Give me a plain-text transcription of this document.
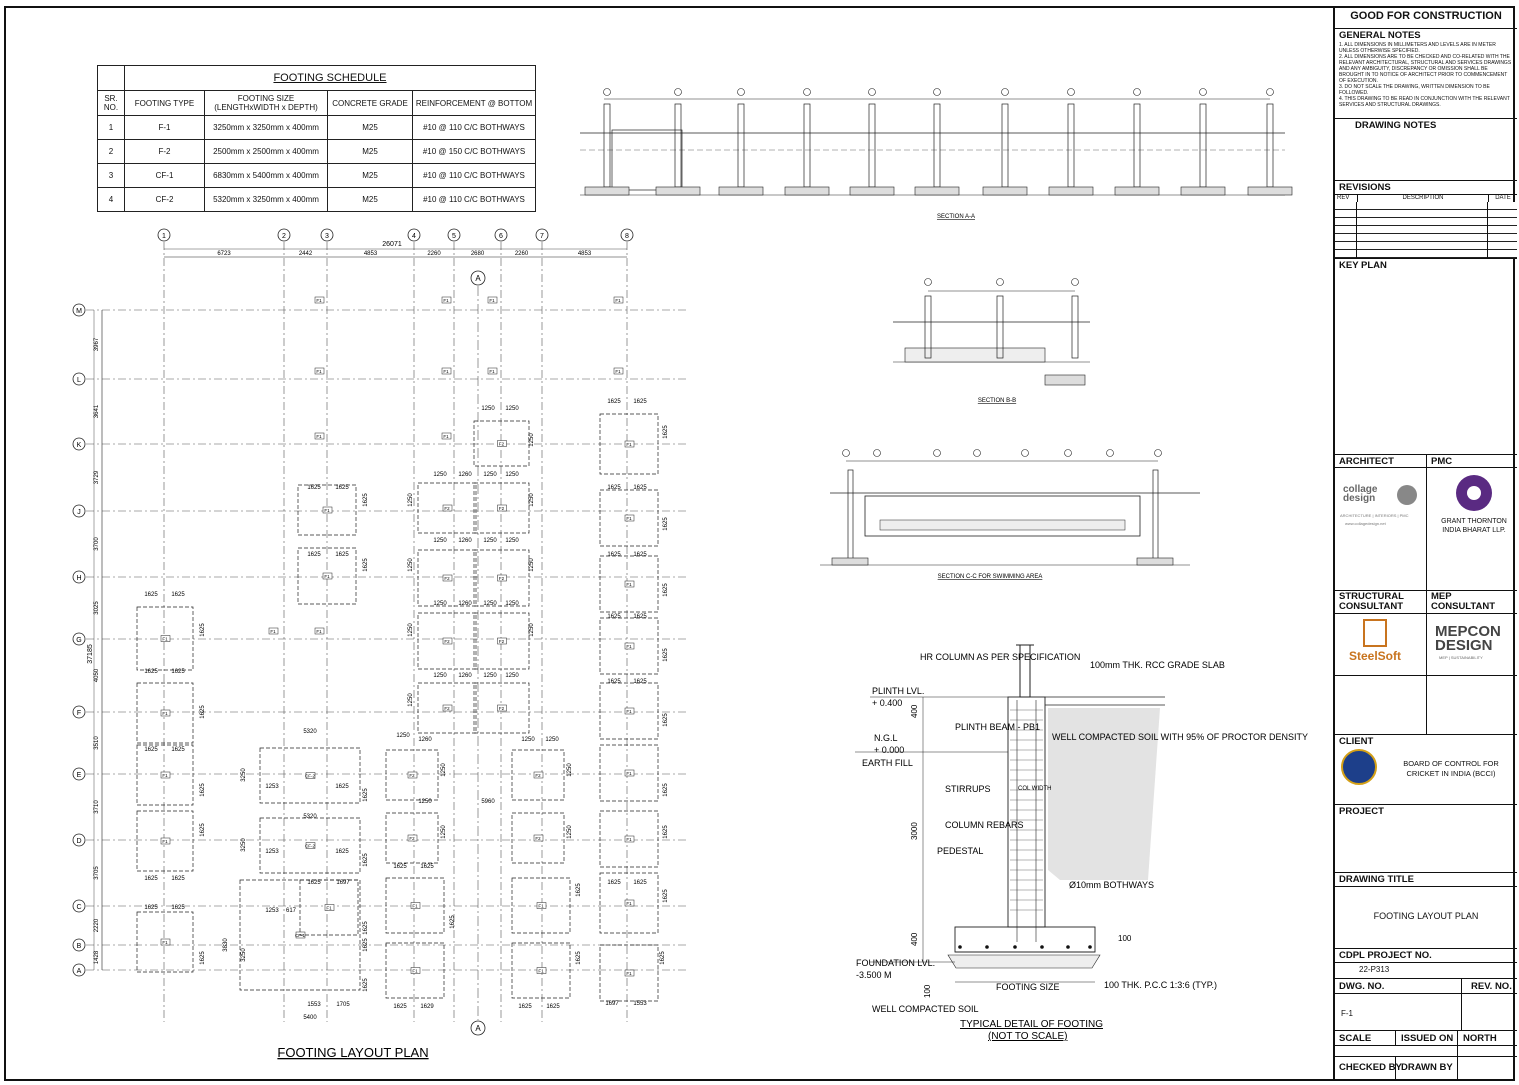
	FOOTING SCHEDULE			
SR. NO.	FOOTING TYPE	FOOTING SIZE (LENGTHxWIDTH x DEPTH)	CONCRETE GRADE	REINFORCEMENT @ BOTTOM
1	F-1	3250mm x 3250mm x 400mm	M25	#10 @ 110 C/C BOTHWAYS
2	F-2	2500mm x 2500mm x 400mm	M25	#10 @ 150 C/C BOTHWAYS
3	CF-1	6830mm x 5400mm x 400mm	M25	#10 @ 110 C/C BOTHWAYS
4	CF-2	5320mm x 3250mm x 400mm	M25	#10 @ 110 C/C BOTHWAYS
1	2	3	4	5	6	7	8
M
L
K
J
H
G
F
E
D
C
B
A
6723	2442	4853	2260	2680	2260	4853
3967
3641
3729
3700
3025
4050
3510
3710
3705
2220
1428
A
A
F1
F1
F1
F1
F1
F1
F1
F1
F1
F1
F1
F1
F1
F1
F1
F1
F2
F2
F2
F2
F2
F2
F2
F2
F2
F2
F2
F2
F2
CF-2
CF-2
F1
F1
F1
F1
CF-1
F1
F1
F1
F1
F1
F1
F1
F1
F1
F1
F1
F1
F1
1625 1625
1625 1625
1625 1625
1625 1625
1625 1625
1625 1625
1625 1625
1625 1625
1625 1625
1625 1625
1625 1625
1625 1625
1625 1625
1250 1250
1250 1260 1250 1250
1250 1260 1250 1250
1250 1260 1250 1250
1250 1260 1250 1250
1250
1260	1250 1250
5320
1253	1625
5320
1253	1625
1625	1697
1253 617
1553	1705
5400
1625 1625
1625 1629	1625 1625	1697 1553
1250	5960
1625
1625
1625
1625
1625
1625
1625
1625
1625
1625
1625
1625
1625
1625
1625
1250
1250
1250
1250
1250
1250
1250
1250
1250
1250
1250
1250
3250
3250
3830
3250
1625
1625
1625
1625
1625
1625
1625	1625
1625
FOOTING LAYOUT PLAN
26071
37185
SECTION A-A
SECTION B-B
SECTION C-C FOR SWIMMING AREA
HR COLUMN AS PER SPECIFICATION
PLINTH LVL.
+ 0.400
N.G.L
+ 0.000
EARTH FILL
PLINTH BEAM - PB1
100mm THK. RCC GRADE SLAB
WELL COMPACTED SOIL WITH 95% OF PROCTOR DENSITY
STIRRUPS	COL WIDTH
COLUMN REBARS
PEDESTAL
Ø10mm BOTHWAYS
FOUNDATION LVL.
-3.500 M
FOOTING SIZE	100 THK. P.C.C 1:3:6 (TYP.)
WELL COMPACTED SOIL
TYPICAL DETAIL OF FOOTING
(NOT TO SCALE)
400
3000
400	100
100
GOOD FOR CONSTRUCTION
GENERAL NOTES
1. ALL DIMENSIONS IN MILLIMETERS AND LEVELS ARE IN METER UNLESS OTHERWISE SPECIFIED.
2. ALL DIMENSIONS ARE TO BE CHECKED AND CO-RELATED WITH THE RELEVANT ARCHITECTURAL, STRUCTURAL AND SERVICES DRAWINGS AND ANY AMBIGUITY, DISCREPANCY OR OMISSION SHALL BE BROUGHT IN TO NOTICE OF ARCHITECT PRIOR TO COMMENCEMENT OF EXECUTION.
3. DO NOT SCALE THE DRAWING, WRITTEN DIMENSION TO BE FOLLOWED.
4. THIS DRAWING TO BE READ IN CONJUNCTION WITH THE RELEVANT SERVICES AND STRUCTURAL DRAWINGS.
DRAWING NOTES
REVISIONS
REV	DESCRIPTION	DATE
KEY PLAN
ARCHITECT	PMC
collage design
ARCHITECTURE | INTERIORS | PMC
www.collagedesign.net	GRANT THORNTON INDIA BHARAT LLP.
STRUCTURAL CONSULTANT
MEP CONSULTANT
SteelSoft
MEPCON DESIGN
MEP | SUSTAINABILITY
CLIENT
BOARD OF CONTROL FOR CRICKET IN INDIA (BCCI)
PROJECT
DRAWING TITLE
FOOTING LAYOUT PLAN
CDPL PROJECT NO.
22-P313
DWG. NO.	REV. NO.
F-1
SCALE	ISSUED ON	NORTH
CHECKED BY DRAWN BY
